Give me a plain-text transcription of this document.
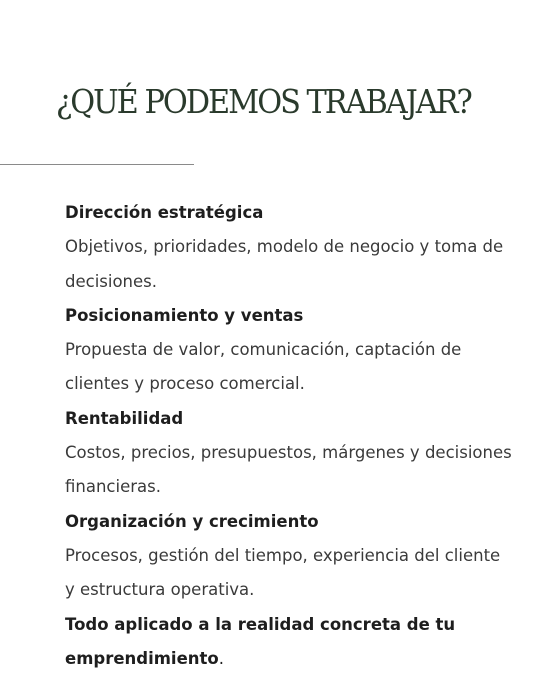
¿QUÉ PODEMOS TRABAJAR?

Dirección estratégica

Objetivos, prioridades, modelo de negocio y toma de decisiones.

Posicionamiento y ventas

Propuesta de valor, comunicación, captación de clientes y proceso comercial.

Rentabilidad

Costos, precios, presupuestos, márgenes y decisiones financieras.

Organización y crecimiento

Procesos, gestión del tiempo, experiencia del cliente y estructura operativa.

Todo aplicado a la realidad concreta de tu emprendimiento.
